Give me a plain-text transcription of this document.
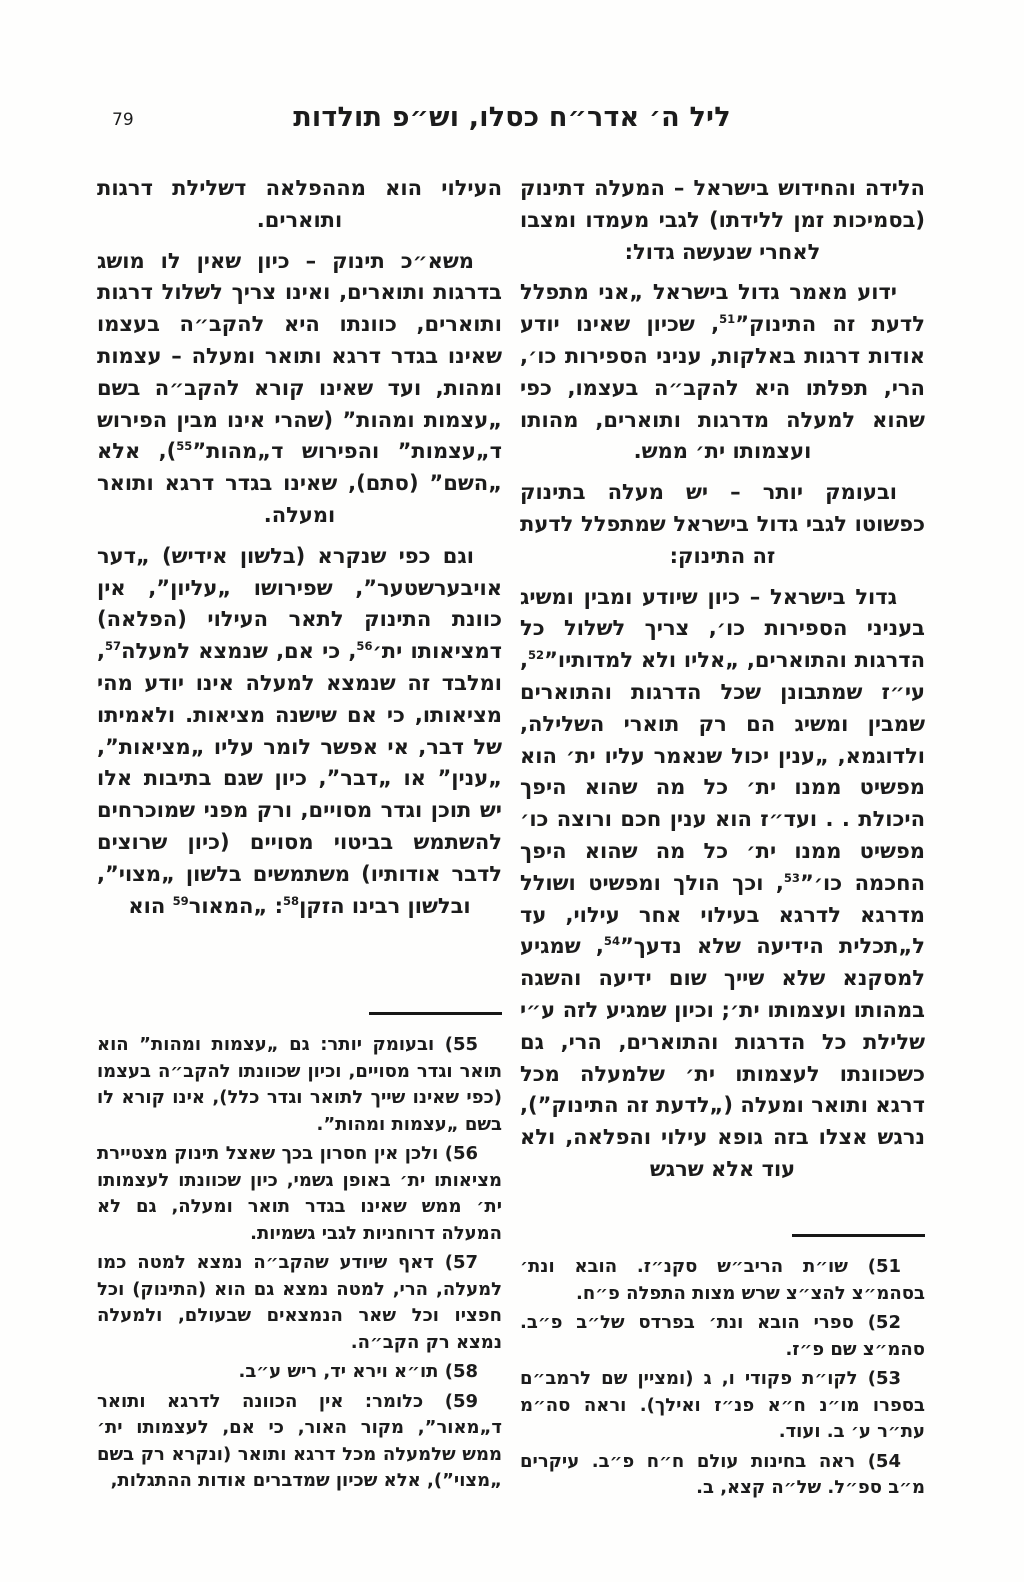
79	ליל ה׳ אדר״ח כסלו, וש״פ תולדות

הלידה והחידוש בישראל – המעלה דתינוק (בסמיכות זמן ללידתו) לגבי מעמדו ומצבו לאחרי שנעשה גדול:

ידוע מאמר גדול בישראל „אני מתפלל לדעת זה התינוק”$^{51}$, שכיון שאינו יודע אודות דרגות באלקות, עניני הספירות כו׳, הרי, תפלתו היא להקב״ה בעצמו, כפי שהוא למעלה מדרגות ותוארים, מהותו ועצמותו ית׳ ממש.

ובעומק יותר – יש מעלה בתינוק כפשוטו לגבי גדול בישראל שמתפלל לדעת זה התינוק:

גדול בישראל – כיון שיודע ומבין ומשיג בעניני הספירות כו׳, צריך לשלול כל הדרגות והתוארים, „אליו ולא למדותיו”$^{52}$, עי״ז שמתבונן שכל הדרגות והתוארים שמבין ומשיג הם רק תוארי השלילה, ולדוגמא, „ענין יכול שנאמר עליו ית׳ הוא מפשיט ממנו ית׳ כל מה שהוא היפך היכולת . . ועד״ז הוא ענין חכם ורוצה כו׳ מפשיט ממנו ית׳ כל מה שהוא היפך החכמה כו׳”$^{53}$, וכך הולך ומפשיט ושולל מדרגא לדרגא בעילוי אחר עילוי, עד ל„תכלית הידיעה שלא נדעך”$^{54}$, שמגיע למסקנא שלא שייך שום ידיעה והשגה במהותו ועצמותו ית׳; וכיון שמגיע לזה ע״י שלילת כל הדרגות והתוארים, הרי, גם כשכוונתו לעצמותו ית׳ שלמעלה מכל דרגא ותואר ומעלה („לדעת זה התינוק”), נרגש אצלו בזה גופא עילוי והפלאה, ולא עוד אלא שרגש

51) שו״ת הריב״ש סקנ״ז. הובא ונת׳ בסהמ״צ להצ״צ שרש מצות התפלה פ״ח.

52) ספרי הובא ונת׳ בפרדס של״ב פ״ב. סהמ״צ שם פ״ז.

53) לקו״ת פקודי ו, ג (ומציין שם לרמב״ם בספרו מו״נ ח״א פנ״ז ואילך). וראה סה״מ עת״ר ע׳ ב. ועוד.

54) ראה בחינות עולם ח״ח פ״ב. עיקרים מ״ב ספ״ל. של״ה קצא, ב.

העילוי הוא מההפלאה דשלילת דרגות ותוארים.

משא״כ תינוק – כיון שאין לו מושג בדרגות ותוארים, ואינו צריך לשלול דרגות ותוארים, כוונתו היא להקב״ה בעצמו שאינו בגדר דרגא ותואר ומעלה – עצמות ומהות, ועד שאינו קורא להקב״ה בשם „עצמות ומהות” (שהרי אינו מבין הפירוש ד„עצמות” והפירוש ד„מהות”$^{55}$), אלא „השם” (סתם), שאינו בגדר דרגא ותואר ומעלה.

וגם כפי שנקרא (בלשון אידיש) „דער אויבערשטער”, שפירושו „עליון”, אין כוונת התינוק לתאר העילוי (הפלאה) דמציאותו ית׳$^{56}$, כי אם, שנמצא למעלה$^{57}$, ומלבד זה שנמצא למעלה אינו יודע מהי מציאותו, כי אם שישנה מציאות. ולאמיתו של דבר, אי אפשר לומר עליו „מציאות”, „ענין” או „דבר”, כיון שגם בתיבות אלו יש תוכן וגדר מסויים, ורק מפני שמוכרחים להשתמש בביטוי מסויים (כיון שרוצים לדבר אודותיו) משתמשים בלשון „מצוי”, ובלשון רבינו הזקן$^{58}$: „המאור$^{59}$ הוא

55) ובעומק יותר: גם „עצמות ומהות” הוא תואר וגדר מסויים, וכיון שכוונתו להקב״ה בעצמו (כפי שאינו שייך לתואר וגדר כלל), אינו קורא לו בשם „עצמות ומהות”.

56) ולכן אין חסרון בכך שאצל תינוק מצטיירת מציאותו ית׳ באופן גשמי, כיון שכוונתו לעצמותו ית׳ ממש שאינו בגדר תואר ומעלה, גם לא המעלה דרוחניות לגבי גשמיות.

57) דאף שיודע שהקב״ה נמצא למטה כמו למעלה, הרי, למטה נמצא גם הוא (התינוק) וכל חפציו וכל שאר הנמצאים שבעולם, ולמעלה נמצא רק הקב״ה.

58) תו״א וירא יד, ריש ע״ב.

59) כלומר: אין הכוונה לדרגא ותואר ד„מאור”, מקור האור, כי אם, לעצמותו ית׳ ממש שלמעלה מכל דרגא ותואר (ונקרא רק בשם „מצוי”), אלא שכיון שמדברים אודות ההתגלות,
